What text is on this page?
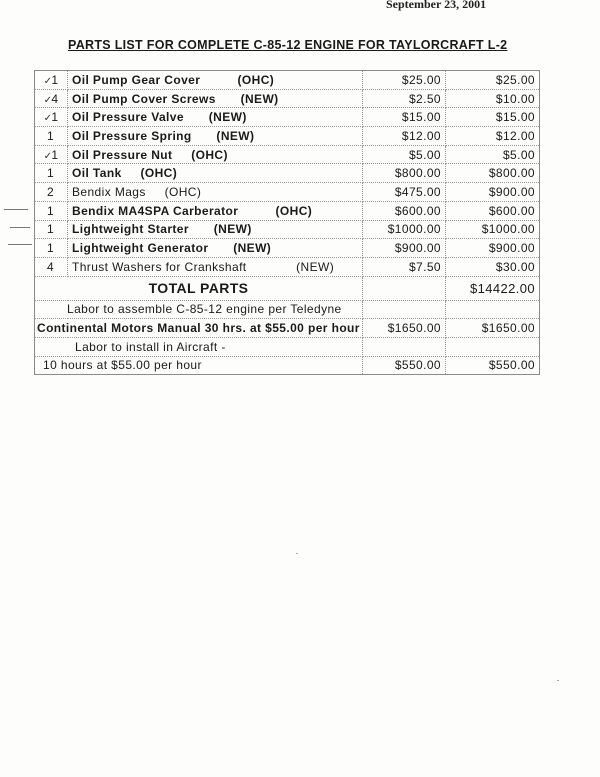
September 23, 2001
PARTS LIST FOR COMPLETE C-85-12 ENGINE FOR TAYLORCRAFT L-2
✓1	Oil Pump Gear Cover   (OHC)	$25.00	$25.00
✓4	Oil Pump Cover Screws  (NEW)	$2.50	$10.00
✓1	Oil Pressure Valve  (NEW)	$15.00	$15.00
1	Oil Pressure Spring  (NEW)	$12.00	$12.00
✓1	Oil Pressure Nut  (OHC)	$5.00	$5.00
1	Oil Tank  (OHC)	$800.00	$800.00
2	Bendix Mags  (OHC)	$475.00	$900.00
1	Bendix MA4SPA Carberator   (OHC)	$600.00	$600.00
1	Lightweight Starter  (NEW)	$1000.00	$1000.00
1	Lightweight Generator  (NEW)	$900.00	$900.00
4	Thrust Washers for Crankshaft    (NEW)	$7.50	$30.00
TOTAL PARTS			$14422.00
Labor to assemble C-85-12 engine per Teledyne			
Continental Motors Manual 30 hrs. at $55.00 per hour		$1650.00	$1650.00
Labor to install in Aircraft -			
10 hours at $55.00 per hour		$550.00	$550.00
